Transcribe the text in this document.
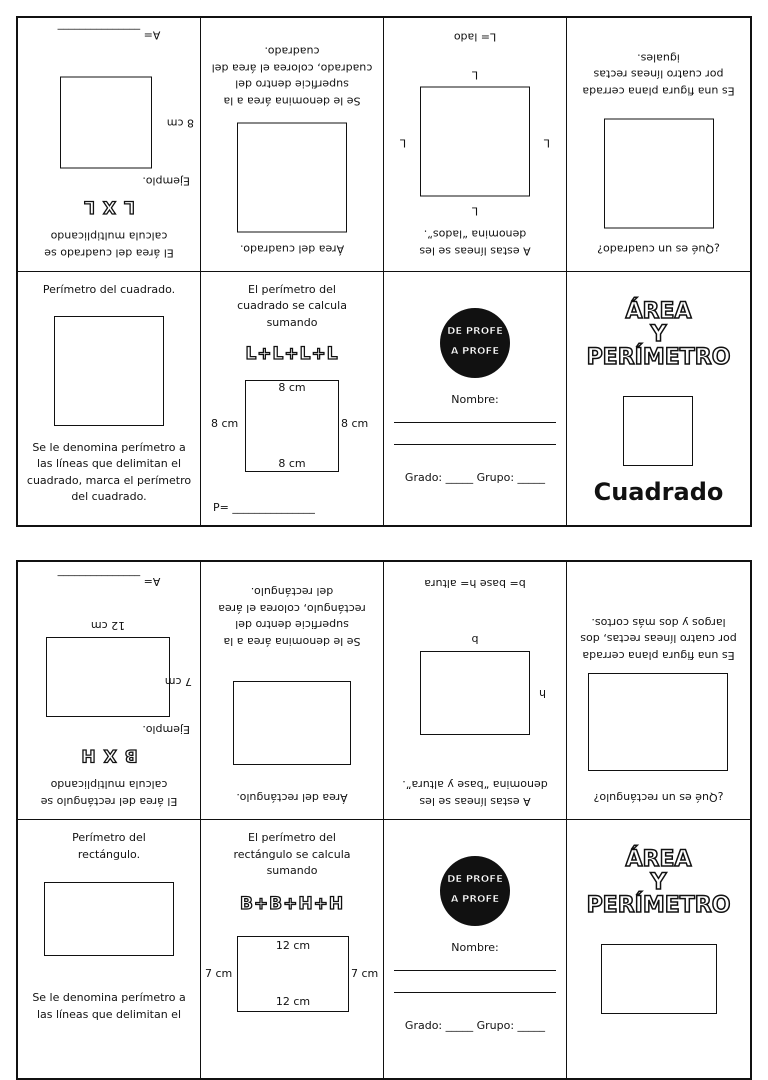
El área del cuadrado se calcula multiplicando
L X L
Ejemplo.
8 cm
A= _______________
Área del cuadrado.
Se le denomina área a la superficie dentro del cuadrado, colorea el área del cuadrado.
A estas líneas se les denomina “lados”.
L
L
L
L
L= lado
¿Qué es un cuadrado?
Es una figura plana cerrada por cuatro líneas rectas iguales.
Perímetro del cuadrado.
Se le denomina perímetro a las líneas que delimitan el cuadrado, marca el perímetro del cuadrado.
El perímetro del cuadrado se calcula sumando
L+L+L+L
8 cm
8 cm
8 cm	8 cm
P= _______________
DE PROFE
A PROFE
Nombre:
Grado: _____ Grupo: _____
ÁREA
Y
PERÍMETRO
Cuadrado
El área del rectángulo se calcula multiplicando
B X H
Ejemplo.
7 cm
12 cm
A= _______________
Área del rectángulo.
Se le denomina área a la superficie dentro del rectángulo, colorea el área del rectángulo.
A estas líneas se les denomina “base y altura”.
h
b
b= base h= altura
¿Qué es un rectángulo?
Es una figura plana cerrada por cuatro líneas rectas, dos largos y dos más cortos.
Perímetro del rectángulo.
Se le denomina perímetro a las líneas que delimitan el
El perímetro del rectángulo se calcula sumando
B+B+H+H
12 cm
12 cm
7 cm	7 cm
DE PROFE
A PROFE
Nombre:
Grado: _____ Grupo: _____
ÁREA
Y
PERÍMETRO
